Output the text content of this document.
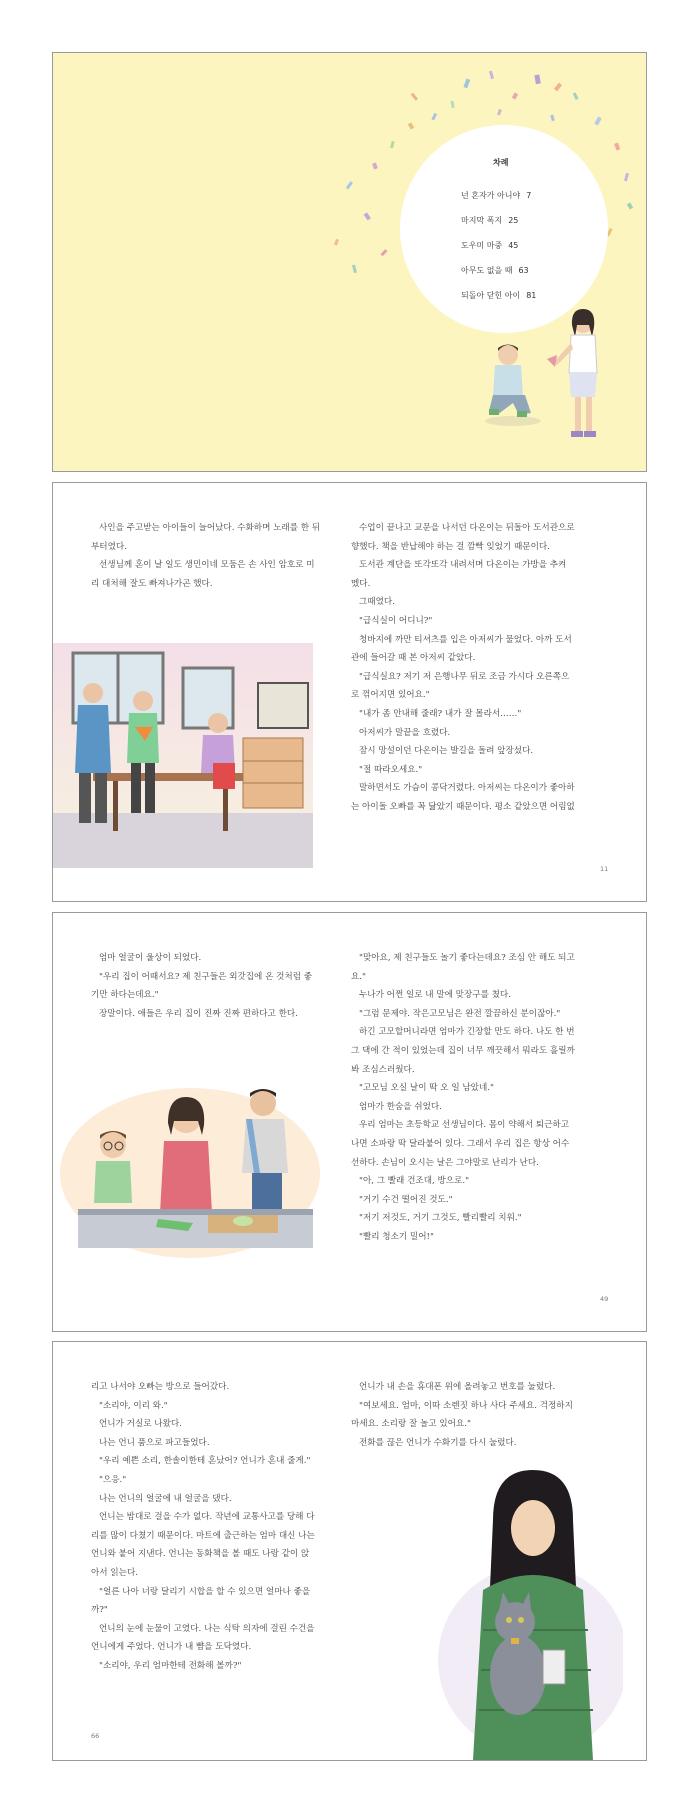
차례
넌 혼자가 아니야 7
마지막 폭지 25
도우미 마중 45
아무도 없을 때 63
되돌아 닫힌 아이 81

사인을 주고받는 아이들이 늘어났다. 수화하며 노래를 한 뒤

부터였다.

선생님께 혼이 날 일도 생민이네 모둠은 손 사인 암호로 미

리 대처해 잘도 빠져나가곤 했다.

수업이 끝나고 교문을 나서던 다온이는 뒤돌아 도서관으로

향했다. 책을 반납해야 하는 걸 깜빡 잊었기 때문이다.

도서관 계단을 또각또각 내려서며 다온이는 가방을 추켜

멨다.

그때였다.

"급식실이 어디니?"

청바지에 까만 티셔츠를 입은 아저씨가 물었다. 아까 도서

관에 들어갈 때 본 아저씨 같았다.

"급식실요? 저기 저 은행나무 뒤로 조금 가시다 오른쪽으

로 꺾어지면 있어요."

"내가 좀 안내해 줄래? 내가 잘 몰라서……"

아저씨가 말끝을 흐렸다.

잠시 망설이던 다온이는 발길을 돌려 앞장섰다.

"절 따라오세요."

말하면서도 가슴이 콩닥거렸다. 아저씨는 다온이가 좋아하

는 아이돌 오빠를 꼭 닮았기 때문이다. 평소 같았으면 어림없

11

엄마 얼굴이 울상이 되었다.

"우리 집이 어때서요? 제 친구들은 외갓집에 온 것처럼 좋

기만 하다는데요."

장말이다. 애들은 우리 집이 진짜 진짜 편하다고 한다.

"맞아요, 제 친구들도 놀기 좋다는데요? 조심 안 해도 되고

요."

누나가 어쩐 일로 내 말에 맞장구를 쳤다.

"그럼 문제야. 작은고모님은 완전 깔끔하신 분이잖아."

하긴 고모할머니라면 엄마가 긴장할 만도 하다. 나도 한 번

그 댁에 간 적이 있었는데 집이 너무 깨끗해서 뭐라도 흘릴까

봐 조심스러웠다.

"고모님 오실 날이 딱 오 일 남았네."

엄마가 한숨을 쉬었다.

우리 엄마는 초등학교 선생님이다. 몸이 약해서 퇴근하고

나면 소파랑 딱 달라붙어 있다. 그래서 우리 집은 항상 어수

선하다. 손님이 오시는 날은 그야말로 난리가 난다.

"아, 그 빨래 건조대, 방으로."

"거기 수건 떨어진 것도."

"저기 저것도, 거기 그것도, 빨리빨리 치워."

"빨리 청소기 밀어!"

49

리고 나서야 오빠는 방으로 들어갔다.

"소리야, 이리 와."

언니가 거실로 나왔다.

나는 언니 품으로 파고들었다.

"우리 예쁜 소리, 한솔이한테 혼났어? 언니가 혼내 줄게."

"으응."

나는 언니의 얼굴에 내 얼굴을 댔다.

언니는 밤대로 걸을 수가 없다. 작년에 교통사고를 당해 다

리를 많이 다쳤기 때문이다. 마트에 출근하는 엄마 대신 나는

언니와 붙어 지낸다. 언니는 동화책을 볼 때도 나랑 같이 앉

아서 읽는다.

"얼른 나아 너랑 달리기 시합을 할 수 있으면 얼마나 좋을

까?"

언니의 눈에 눈물이 고였다. 나는 식탁 의자에 걸린 수건을

언니에게 주었다. 언니가 내 뺨을 도닥였다.

"소리야, 우리 엄마한테 전화해 볼까?"

66

언니가 내 손을 휴대폰 위에 올려놓고 번호를 눌렀다.

"여보세요. 엄마, 이따 소렌짓 하나 사다 주세요. 걱정하지

마세요. 소리랑 잘 놀고 있어요."

전화를 끊은 언니가 수화기를 다시 눌렀다.
